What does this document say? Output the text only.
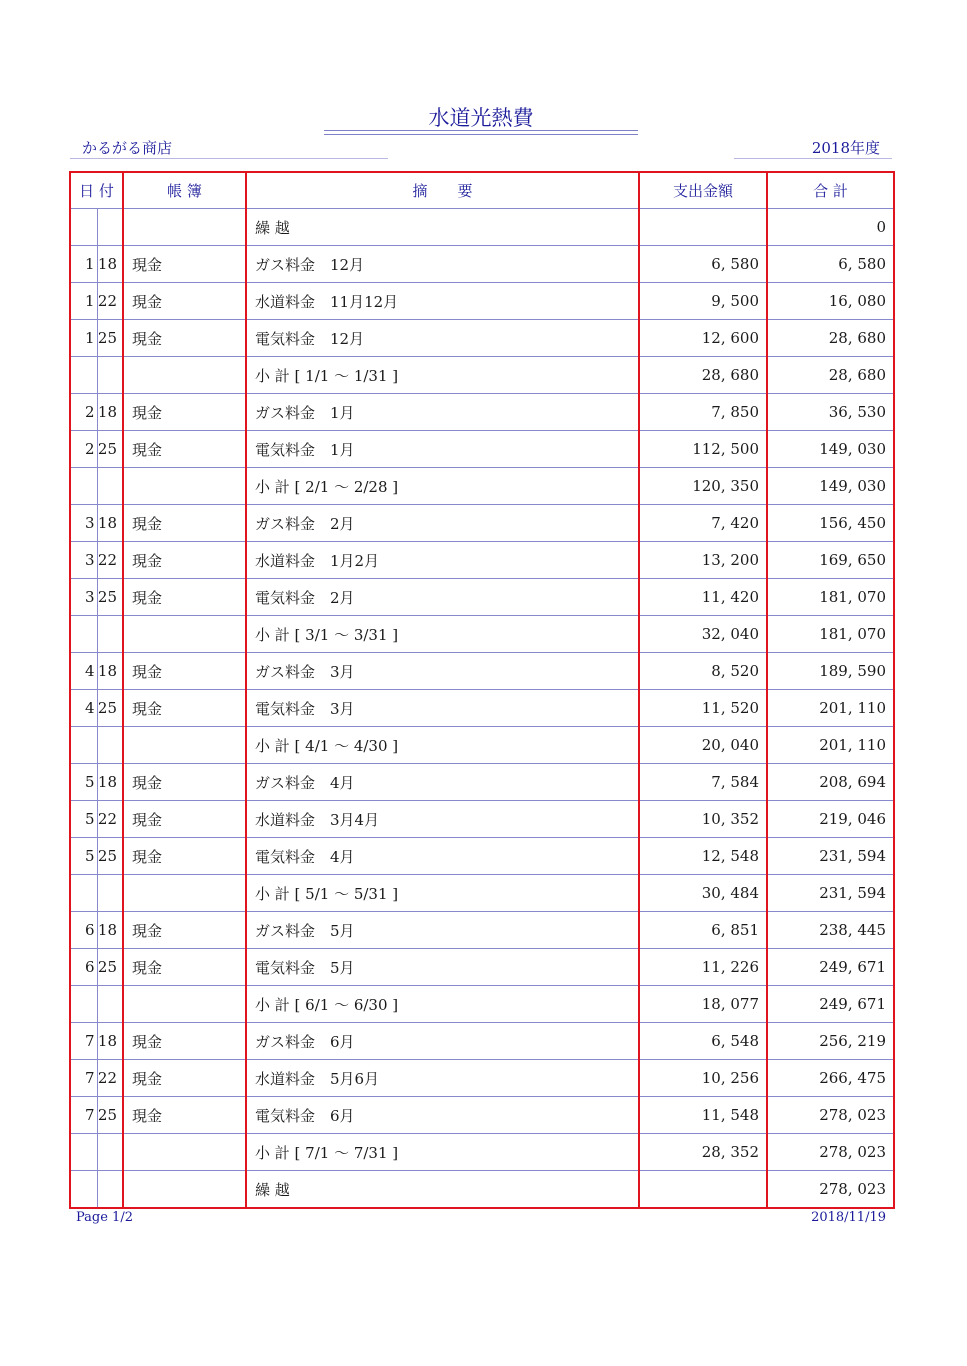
水道光熱費
かるがる商店	2018年度
日 付		帳 簿	摘　　要	支出金額	合 計
			繰 越		0
1	18	現金	ガス料金　12月	6, 580	6, 580
1	22	現金	水道料金　11月12月	9, 500	16, 080
1	25	現金	電気料金　12月	12, 600	28, 680
			小 計 [ 1/1 ～ 1/31 ]	28, 680	28, 680
2	18	現金	ガス料金　1月	7, 850	36, 530
2	25	現金	電気料金　1月	112, 500	149, 030
			小 計 [ 2/1 ～ 2/28 ]	120, 350	149, 030
3	18	現金	ガス料金　2月	7, 420	156, 450
3	22	現金	水道料金　1月2月	13, 200	169, 650
3	25	現金	電気料金　2月	11, 420	181, 070
			小 計 [ 3/1 ～ 3/31 ]	32, 040	181, 070
4	18	現金	ガス料金　3月	8, 520	189, 590
4	25	現金	電気料金　3月	11, 520	201, 110
			小 計 [ 4/1 ～ 4/30 ]	20, 040	201, 110
5	18	現金	ガス料金　4月	7, 584	208, 694
5	22	現金	水道料金　3月4月	10, 352	219, 046
5	25	現金	電気料金　4月	12, 548	231, 594
			小 計 [ 5/1 ～ 5/31 ]	30, 484	231, 594
6	18	現金	ガス料金　5月	6, 851	238, 445
6	25	現金	電気料金　5月	11, 226	249, 671
			小 計 [ 6/1 ～ 6/30 ]	18, 077	249, 671
7	18	現金	ガス料金　6月	6, 548	256, 219
7	22	現金	水道料金　5月6月	10, 256	266, 475
7	25	現金	電気料金　6月	11, 548	278, 023
			小 計 [ 7/1 ～ 7/31 ]	28, 352	278, 023
			繰 越		278, 023
Page 1/2	2018/11/19
